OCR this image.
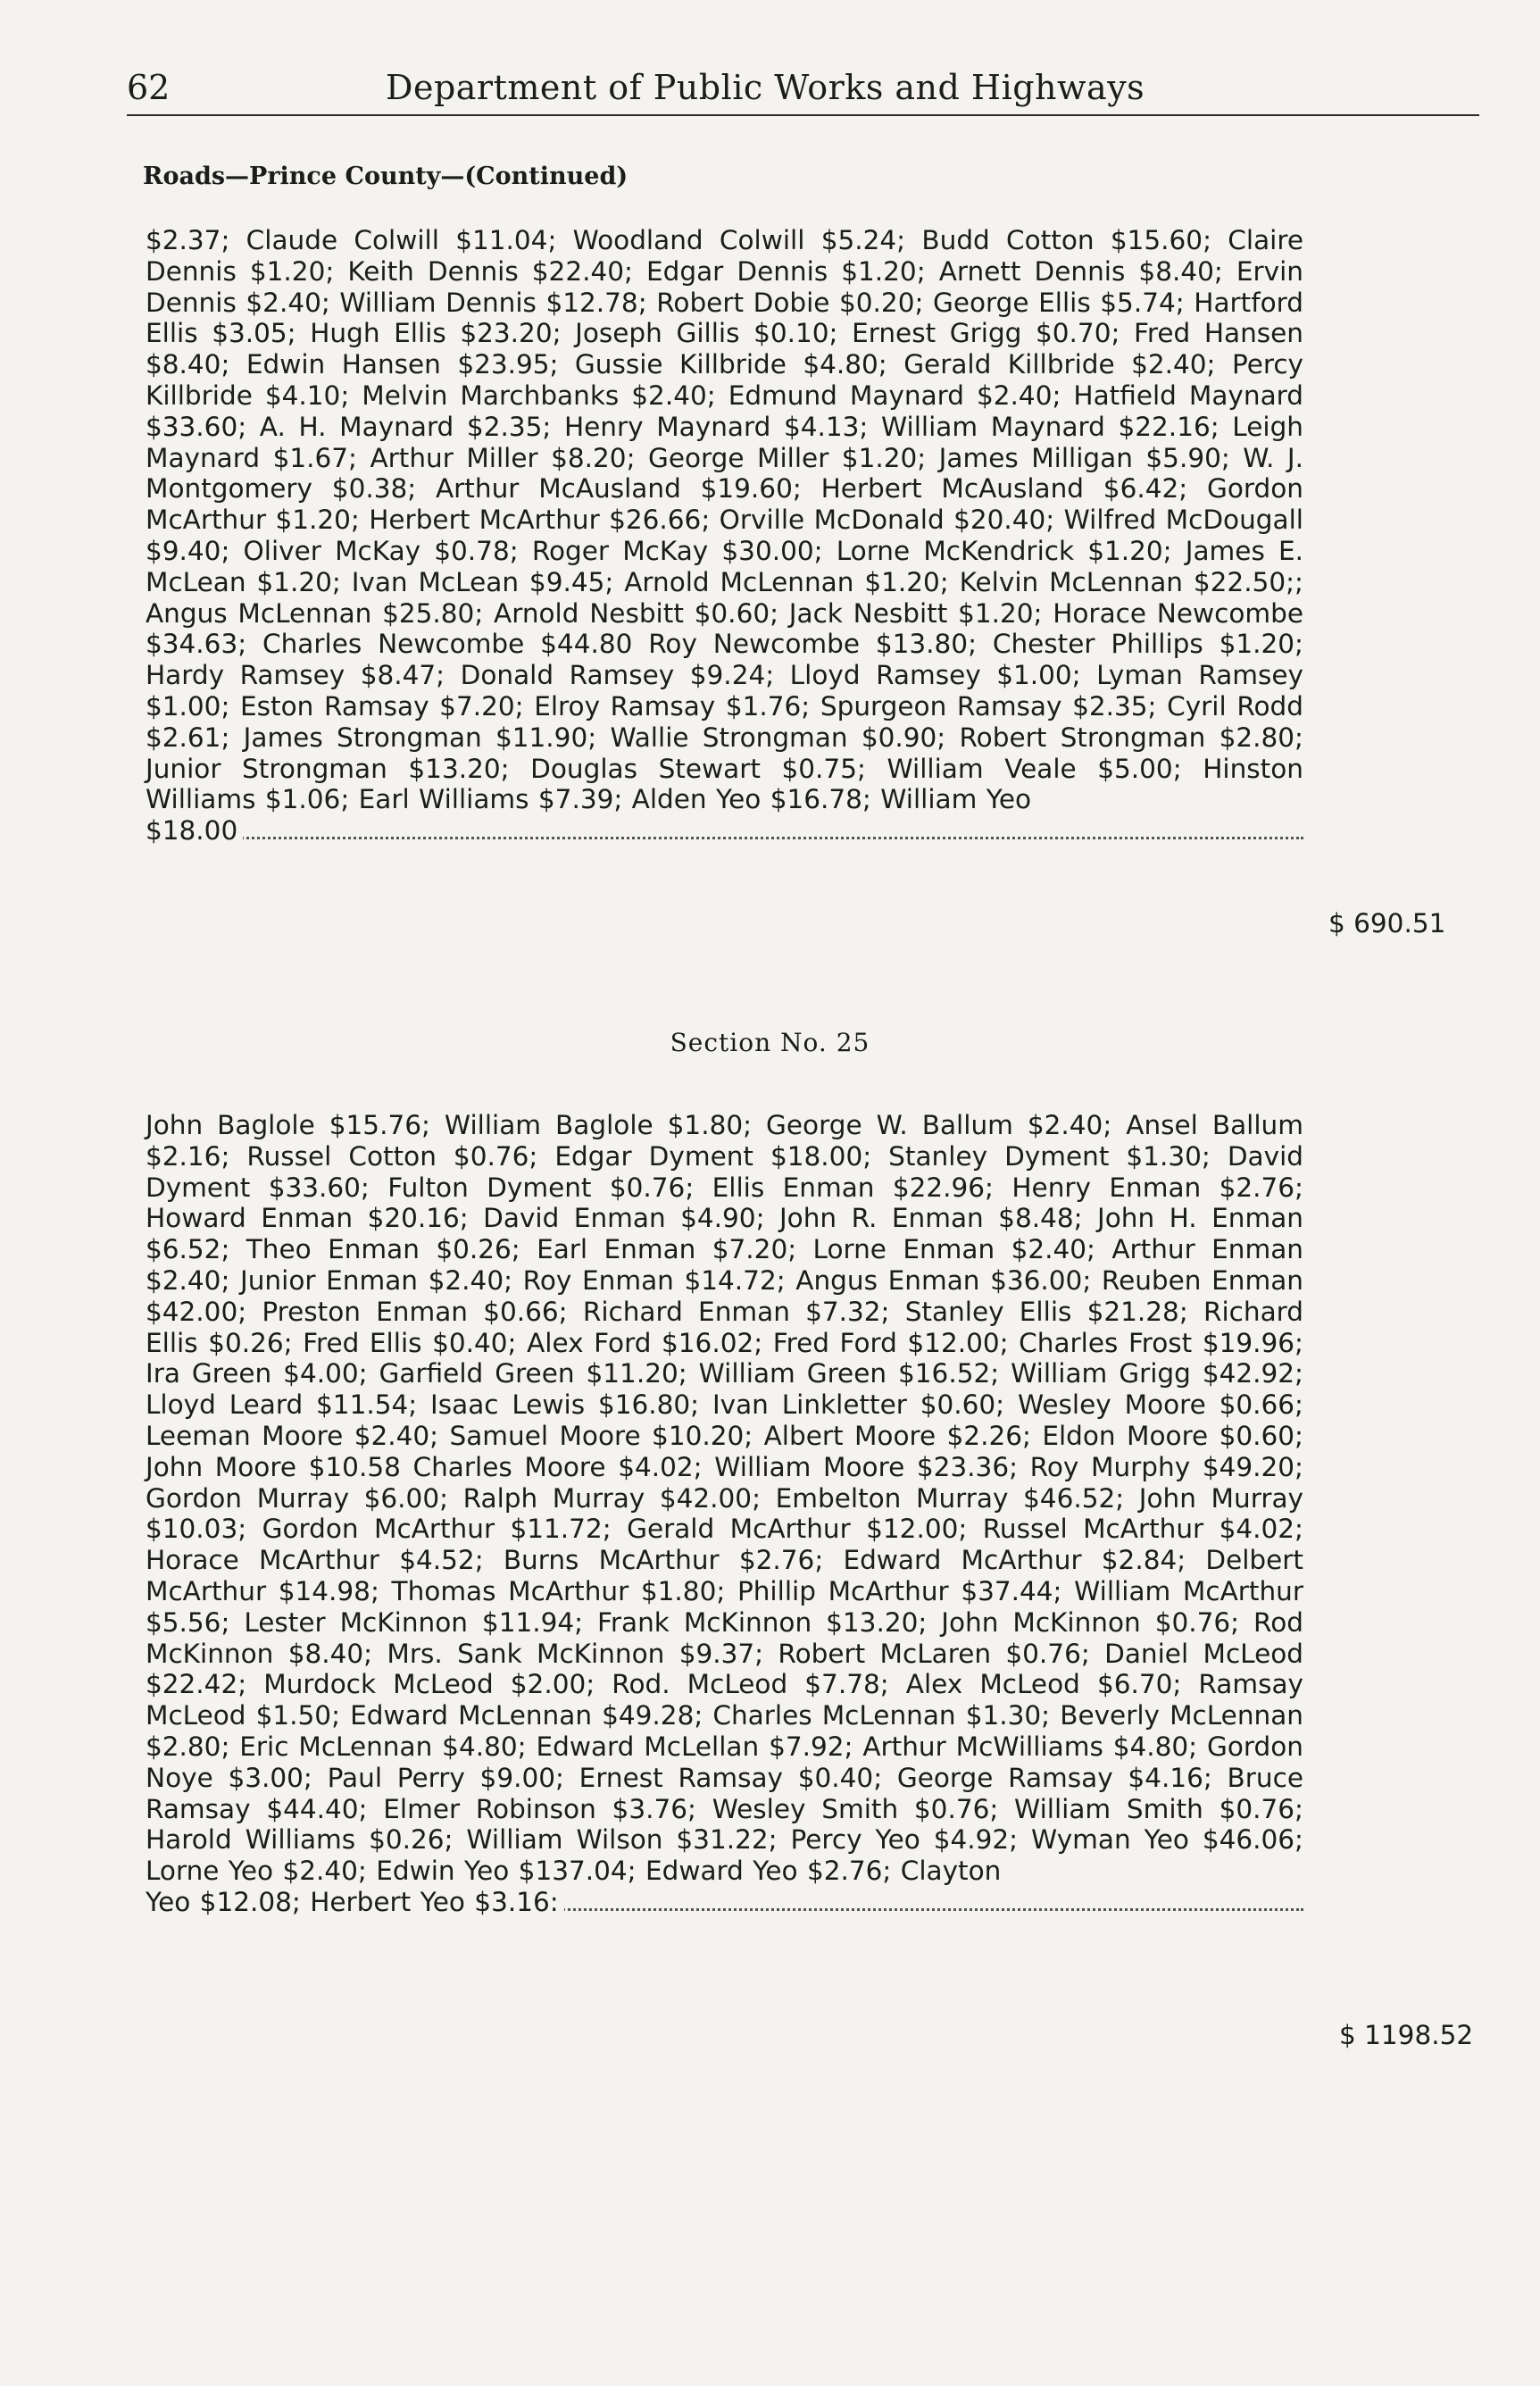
62	Department of Public Works and Highways
Roads—Prince County—(Continued)
$2.37; Claude Colwill $11.04; Woodland Colwill $5.24; Budd Cotton $15.60; Claire Dennis $1.20; Keith Dennis $22.40; Edgar Dennis $1.20; Arnett Dennis $8.40; Ervin Dennis $2.40; William Dennis $12.78; Robert Dobie $0.20; George Ellis $5.74; Hartford Ellis $3.05; Hugh Ellis $23.20; Joseph Gillis $0.10; Ernest Grigg $0.70; Fred Hansen $8.40; Edwin Hansen $23.95; Gussie Killbride $4.80; Gerald Killbride $2.40; Percy Killbride $4.10; Melvin Marchbanks $2.40; Edmund Maynard $2.40; Hatfield Maynard $33.60; A. H. Maynard $2.35; Henry Maynard $4.13; William Maynard $22.16; Leigh Maynard $1.67; Arthur Miller $8.20; George Miller $1.20; James Milligan $5.90; W. J. Montgomery $0.38; Arthur McAusland $19.60; Herbert McAusland $6.42; Gordon McArthur $1.20; Herbert McArthur $26.66; Orville McDonald $20.40; Wilfred McDougall $9.40; Oliver McKay $0.78; Roger McKay $30.00; Lorne McKendrick $1.20; James E. McLean $1.20; Ivan McLean $9.45; Arnold McLennan $1.20; Kelvin McLennan $22.50;; Angus McLennan $25.80; Arnold Nesbitt $0.60; Jack Nesbitt $1.20; Horace Newcombe $34.63; Charles Newcombe $44.80 Roy Newcombe $13.80; Chester Phillips $1.20; Hardy Ramsey $8.47; Donald Ramsey $9.24; Lloyd Ramsey $1.00; Lyman Ramsey $1.00; Eston Ramsay $7.20; Elroy Ramsay $1.76; Spurgeon Ramsay $2.35; Cyril Rodd $2.61; James Strongman $11.90; Wallie Strongman $0.90; Robert Strongman $2.80; Junior Strongman $13.20; Douglas Stewart $0.75; William Veale $5.00; Hinston Williams $1.06; Earl Williams $7.39; Alden Yeo $16.78; William Yeo
$18.00
$ 690.51
Section No. 25
John Baglole $15.76; William Baglole $1.80; George W. Ballum $2.40; Ansel Ballum $2.16; Russel Cotton $0.76; Edgar Dyment $18.00; Stanley Dyment $1.30; David Dyment $33.60; Fulton Dyment $0.76; Ellis Enman $22.96; Henry Enman $2.76; Howard Enman $20.16; David Enman $4.90; John R. Enman $8.48; John H. Enman $6.52; Theo Enman $0.26; Earl Enman $7.20; Lorne Enman $2.40; Arthur Enman $2.40; Junior Enman $2.40; Roy Enman $14.72; Angus Enman $36.00; Reuben Enman $42.00; Preston Enman $0.66; Richard Enman $7.32; Stanley Ellis $21.28; Richard Ellis $0.26; Fred Ellis $0.40; Alex Ford $16.02; Fred Ford $12.00; Charles Frost $19.96; Ira Green $4.00; Garfield Green $11.20; William Green $16.52; William Grigg $42.92; Lloyd Leard $11.54; Isaac Lewis $16.80; Ivan Linkletter $0.60; Wesley Moore $0.66; Leeman Moore $2.40; Samuel Moore $10.20; Albert Moore $2.26; Eldon Moore $0.60; John Moore $10.58 Charles Moore $4.02; William Moore $23.36; Roy Murphy $49.20; Gordon Murray $6.00; Ralph Murray $42.00; Embelton Murray $46.52; John Murray $10.03; Gordon McArthur $11.72; Gerald McArthur $12.00; Russel McArthur $4.02; Horace McArthur $4.52; Burns McArthur $2.76; Edward McArthur $2.84; Delbert McArthur $14.98; Thomas McArthur $1.80; Phillip McArthur $37.44; William McArthur $5.56; Lester McKinnon $11.94; Frank McKinnon $13.20; John McKinnon $0.76; Rod McKinnon $8.40; Mrs. Sank McKinnon $9.37; Robert McLaren $0.76; Daniel McLeod $22.42; Murdock McLeod $2.00; Rod. McLeod $7.78; Alex McLeod $6.70; Ramsay McLeod $1.50; Edward McLennan $49.28; Charles McLennan $1.30; Beverly McLennan $2.80; Eric McLennan $4.80; Edward McLellan $7.92; Arthur McWilliams $4.80; Gordon Noye $3.00; Paul Perry $9.00; Ernest Ramsay $0.40; George Ramsay $4.16; Bruce Ramsay $44.40; Elmer Robinson $3.76; Wesley Smith $0.76; William Smith $0.76; Harold Williams $0.26; William Wilson $31.22; Percy Yeo $4.92; Wyman Yeo $46.06; Lorne Yeo $2.40; Edwin Yeo $137.04; Edward Yeo $2.76; Clayton
Yeo $12.08; Herbert Yeo $3.16:
$ 1198.52
